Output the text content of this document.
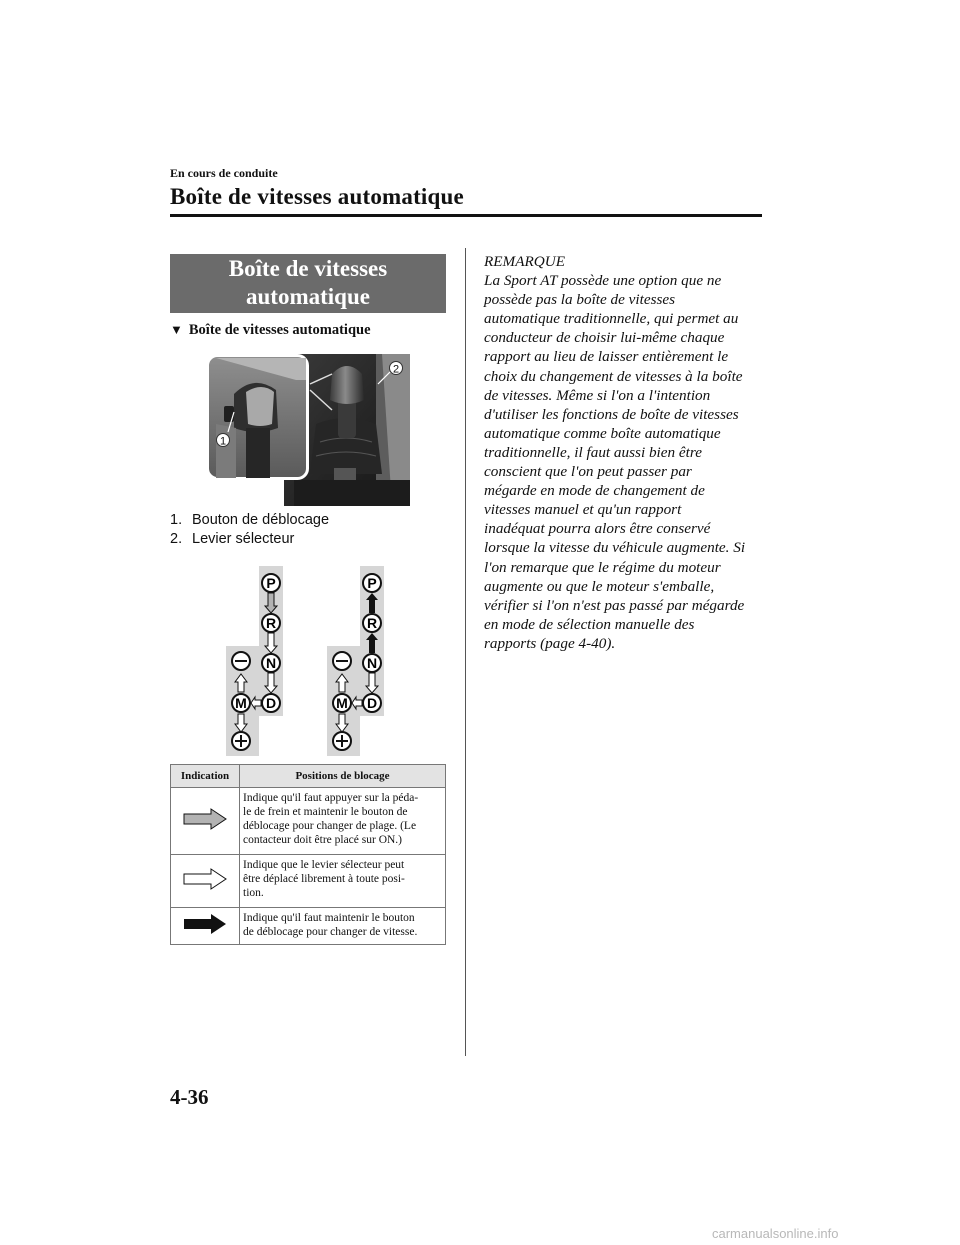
En cours de conduite
Boîte de vitesses automatique
Boîte de vitesses
automatique
▼ Boîte de vitesses automatique
2
1
1. Bouton de déblocage
2. Levier sélecteur
P
R
N
D
M
P
R
N
D
M
Indication	Positions de blocage
	Indique qu'il faut appuyer sur la péda-
le de frein et maintenir le bouton de
déblocage pour changer de plage. (Le
contacteur doit être placé sur ON.)
	Indique que le levier sélecteur peut
être déplacé librement à toute posi-
tion.
	Indique qu'il faut maintenir le bouton
de déblocage pour changer de vitesse.
REMARQUE

La Sport AT possède une option que ne
possède pas la boîte de vitesses
automatique traditionnelle, qui permet au
conducteur de choisir lui-même chaque
rapport au lieu de laisser entièrement le
choix du changement de vitesses à la boîte
de vitesses. Même si l'on a l'intention
d'utiliser les fonctions de boîte de vitesses
automatique comme boîte automatique
traditionnelle, il faut aussi bien être
conscient que l'on peut passer par
mégarde en mode de changement de
vitesses manuel et qu'un rapport
inadéquat pourra alors être conservé
lorsque la vitesse du véhicule augmente. Si
l'on remarque que le régime du moteur
augmente ou que le moteur s'emballe,
vérifier si l'on n'est pas passé par mégarde
en mode de sélection manuelle des
rapports (page 4-40).

4-36
carmanualsonline.info
